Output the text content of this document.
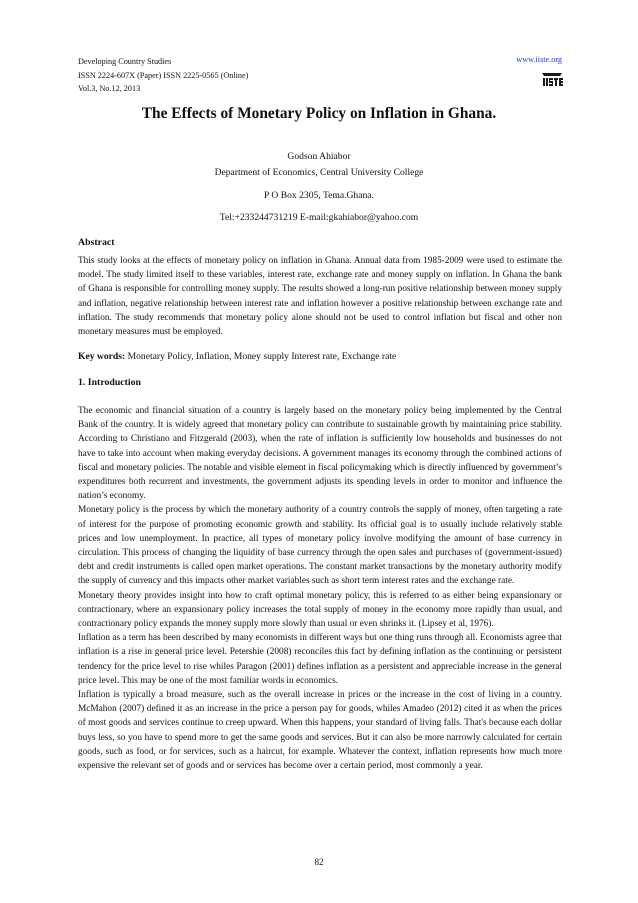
Developing Country Studies
ISSN 2224-607X (Paper) ISSN 2225-0565 (Online)
Vol.3, No.12, 2013
www.iiste.org
The Effects of Monetary Policy on Inflation in Ghana.
Godson Ahiabor
Department of Economics, Central University College
P O Box 2305, Tema.Ghana.
Tel:+233244731219 E-mail:gkahiabor@yahoo.com
Abstract

This study looks at the effects of monetary policy on inflation in Ghana. Annual data from 1985-2009 were used to estimate the model. The study limited itself to these variables, interest rate, exchange rate and money supply on inflation. In Ghana the bank of Ghana is responsible for controlling money supply. The results showed a long-run positive relationship between money supply and inflation, negative relationship between interest rate and inflation however a positive relationship between exchange rate and inflation. The study recommends that monetary policy alone should not be used to control inflation but fiscal and other non monetary measures must be employed.

Key words: Monetary Policy, Inflation, Money supply Interest rate, Exchange rate
1. Introduction

The economic and financial situation of a country is largely based on the monetary policy being implemented by the Central Bank of the country. It is widely agreed that monetary policy can contribute to sustainable growth by maintaining price stability. According to Christiano and Fitzgerald (2003), when the rate of inflation is sufficiently low households and businesses do not have to take into account when making everyday decisions. A government manages its economy through the combined actions of fiscal and monetary policies. The notable and visible element in fiscal policymaking which is directly influenced by government’s expenditures both recurrent and investments, the government adjusts its spending levels in order to monitor and influence the nation’s economy.

Monetary policy is the process by which the monetary authority of a country controls the supply of money, often targeting a rate of interest for the purpose of promoting economic growth and stability. Its official goal is to usually include relatively stable prices and low unemployment. In practice, all types of monetary policy involve modifying the amount of base currency in circulation. This process of changing the liquidity of base currency through the open sales and purchases of (government-issued) debt and credit instruments is called open market operations. The constant market transactions by the monetary authority modify the supply of currency and this impacts other market variables such as short term interest rates and the exchange rate.

Monetary theory provides insight into how to craft optimal monetary policy, this is referred to as either being expansionary or contractionary, where an expansionary policy increases the total supply of money in the economy more rapidly than usual, and contractionary policy expands the money supply more slowly than usual or even shrinks it. (Lipsey et al, 1976).

Inflation as a term has been described by many economists in different ways but one thing runs through all. Economists agree that inflation is a rise in general price level. Petershie (2008) reconciles this fact by defining inflation as the continuing or persistent tendency for the price level to rise whiles Paragon (2001) defines inflation as a persistent and appreciable increase in the general price level. This may be one of the most familiar words in economics.

Inflation is typically a broad measure, such as the overall increase in prices or the increase in the cost of living in a country. McMahon (2007) defined it as an increase in the price a person pay for goods, whiles Amadeo (2012) cited it as when the prices of most goods and services continue to creep upward. When this happens, your standard of living falls. That's because each dollar buys less, so you have to spend more to get the same goods and services. But it can also be more narrowly calculated for certain goods, such as food, or for services, such as a haircut, for example. Whatever the context, inflation represents how much more expensive the relevant set of goods and or services has become over a certain period, most commonly a year.

82
